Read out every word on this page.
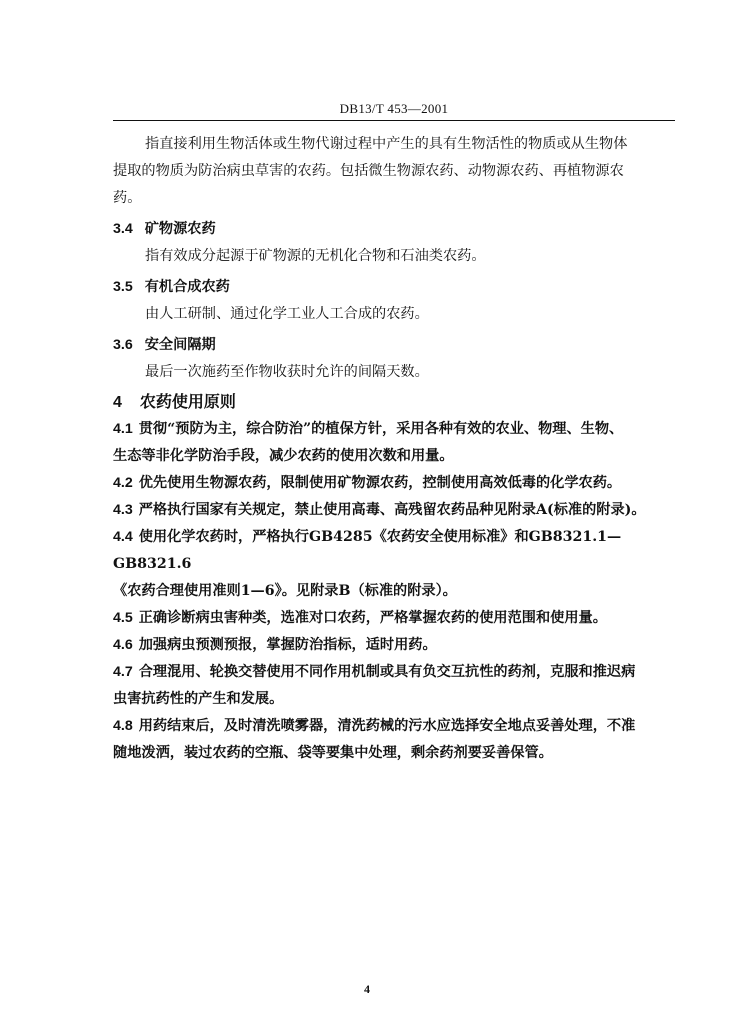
DB13/T 453—2001

指直接利用生物活体或生物代谢过程中产生的具有生物活性的物质或从生物体

提取的物质为防治病虫草害的农药。包括微生物源农药、动物源农药、再植物源农

药。

3.4 矿物源农药

指有效成分起源于矿物源的无机化合物和石油类农药。

3.5 有机合成农药

由人工研制、通过化学工业人工合成的农药。

3.6 安全间隔期

最后一次施药至作物收获时允许的间隔天数。

4 农药使用原则

4.1 贯彻“预防为主，综合防治”的植保方针，采用各种有效的农业、物理、生物、

生态等非化学防治手段，减少农药的使用次数和用量。

4.2 优先使用生物源农药，限制使用矿物源农药，控制使用高效低毒的化学农药。

4.3 严格执行国家有关规定，禁止使用高毒、高残留农药品种见附录A(标准的附录)。

4.4 使用化学农药时，严格执行GB4285《农药安全使用标准》和GB8321.1—GB8321.6

《农药合理使用准则1—6》。见附录B（标准的附录）。

4.5 正确诊断病虫害种类，选准对口农药，严格掌握农药的使用范围和使用量。

4.6 加强病虫预测预报，掌握防治指标，适时用药。

4.7 合理混用、轮换交替使用不同作用机制或具有负交互抗性的药剂，克服和推迟病

虫害抗药性的产生和发展。

4.8 用药结束后，及时清洗喷雾器，清洗药械的污水应选择安全地点妥善处理，不准

随地泼洒，装过农药的空瓶、袋等要集中处理，剩余药剂要妥善保管。

4
